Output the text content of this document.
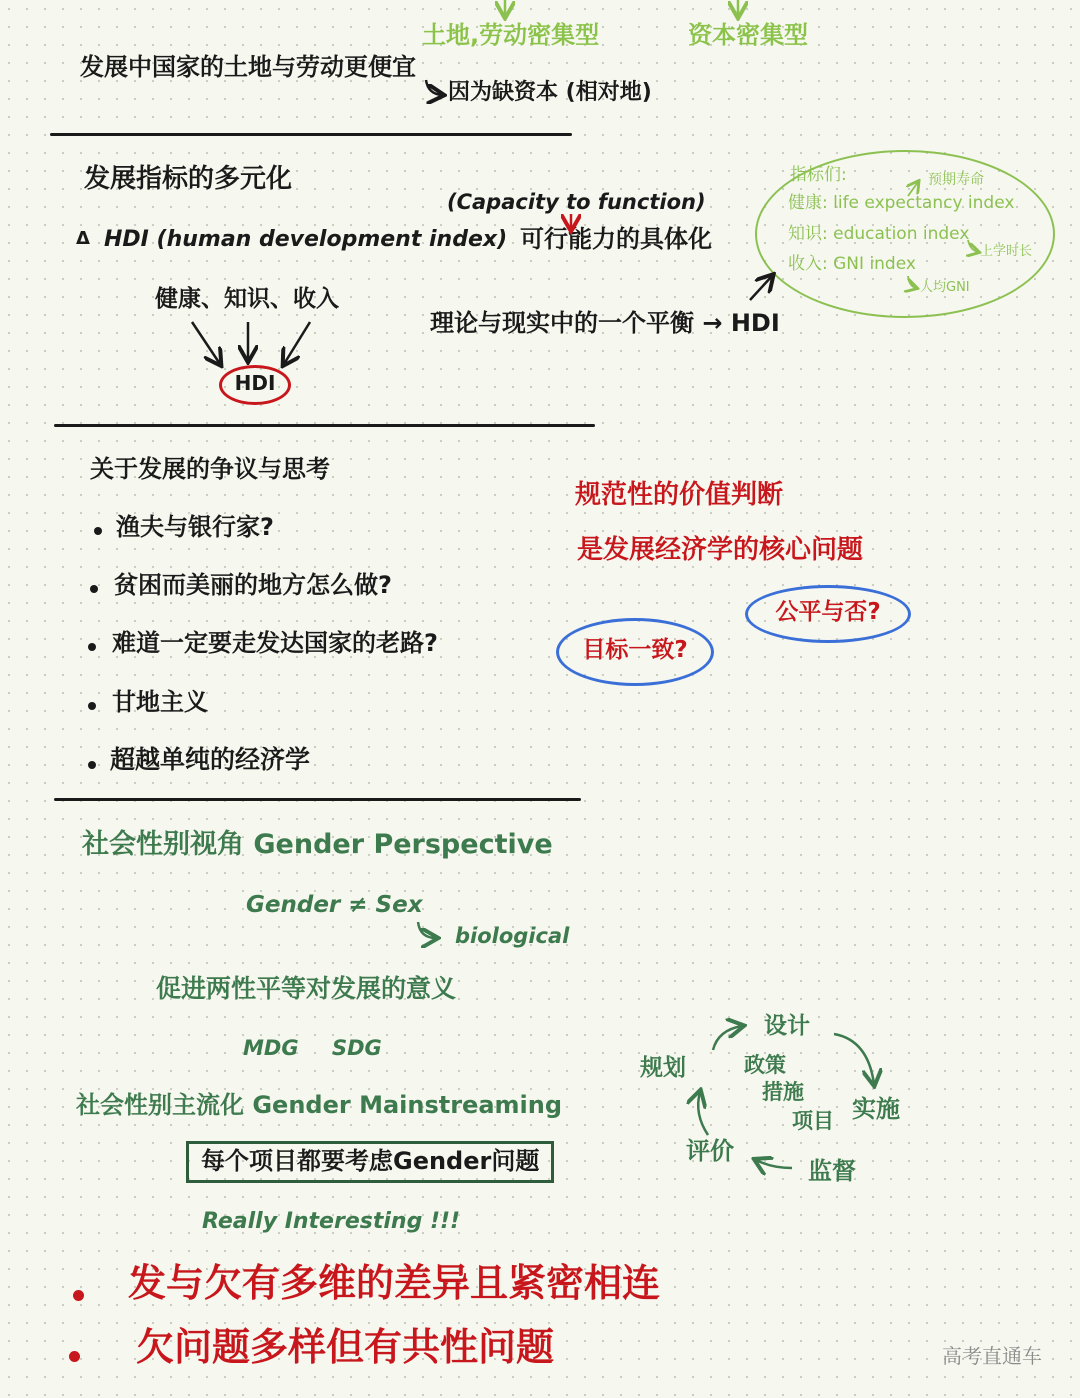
土地,劳动密集型	资本密集型
发展中国家的土地与劳动更便宜
因为缺资本 (相对地)
发展指标的多元化
(Capacity to function)
Δ HDI (human development index) 可行能力的具体化
健康、知识、收入
HDI
理论与现实中的一个平衡 → HDI
指标们:	预期寿命
健康: life expectancy index
知识: education index
上学时长
收入: GNI index
人均GNI
关于发展的争议与思考
渔夫与银行家?
贫困而美丽的地方怎么做?
难道一定要走发达国家的老路?
甘地主义
超越单纯的经济学
规范性的价值判断
是发展经济学的核心问题
公平与否?
目标一致?
社会性别视角 Gender Perspective
Gender ≠ Sex
biological
促进两性平等对发展的意义
MDG SDG
社会性别主流化 Gender Mainstreaming
每个项目都要考虑Gender问题
Really Interesting !!!
设计
规划	政策
措施
项目 实施
评价
监督
发与欠有多维的差异且紧密相连
欠问题多样但有共性问题	高考直通车
